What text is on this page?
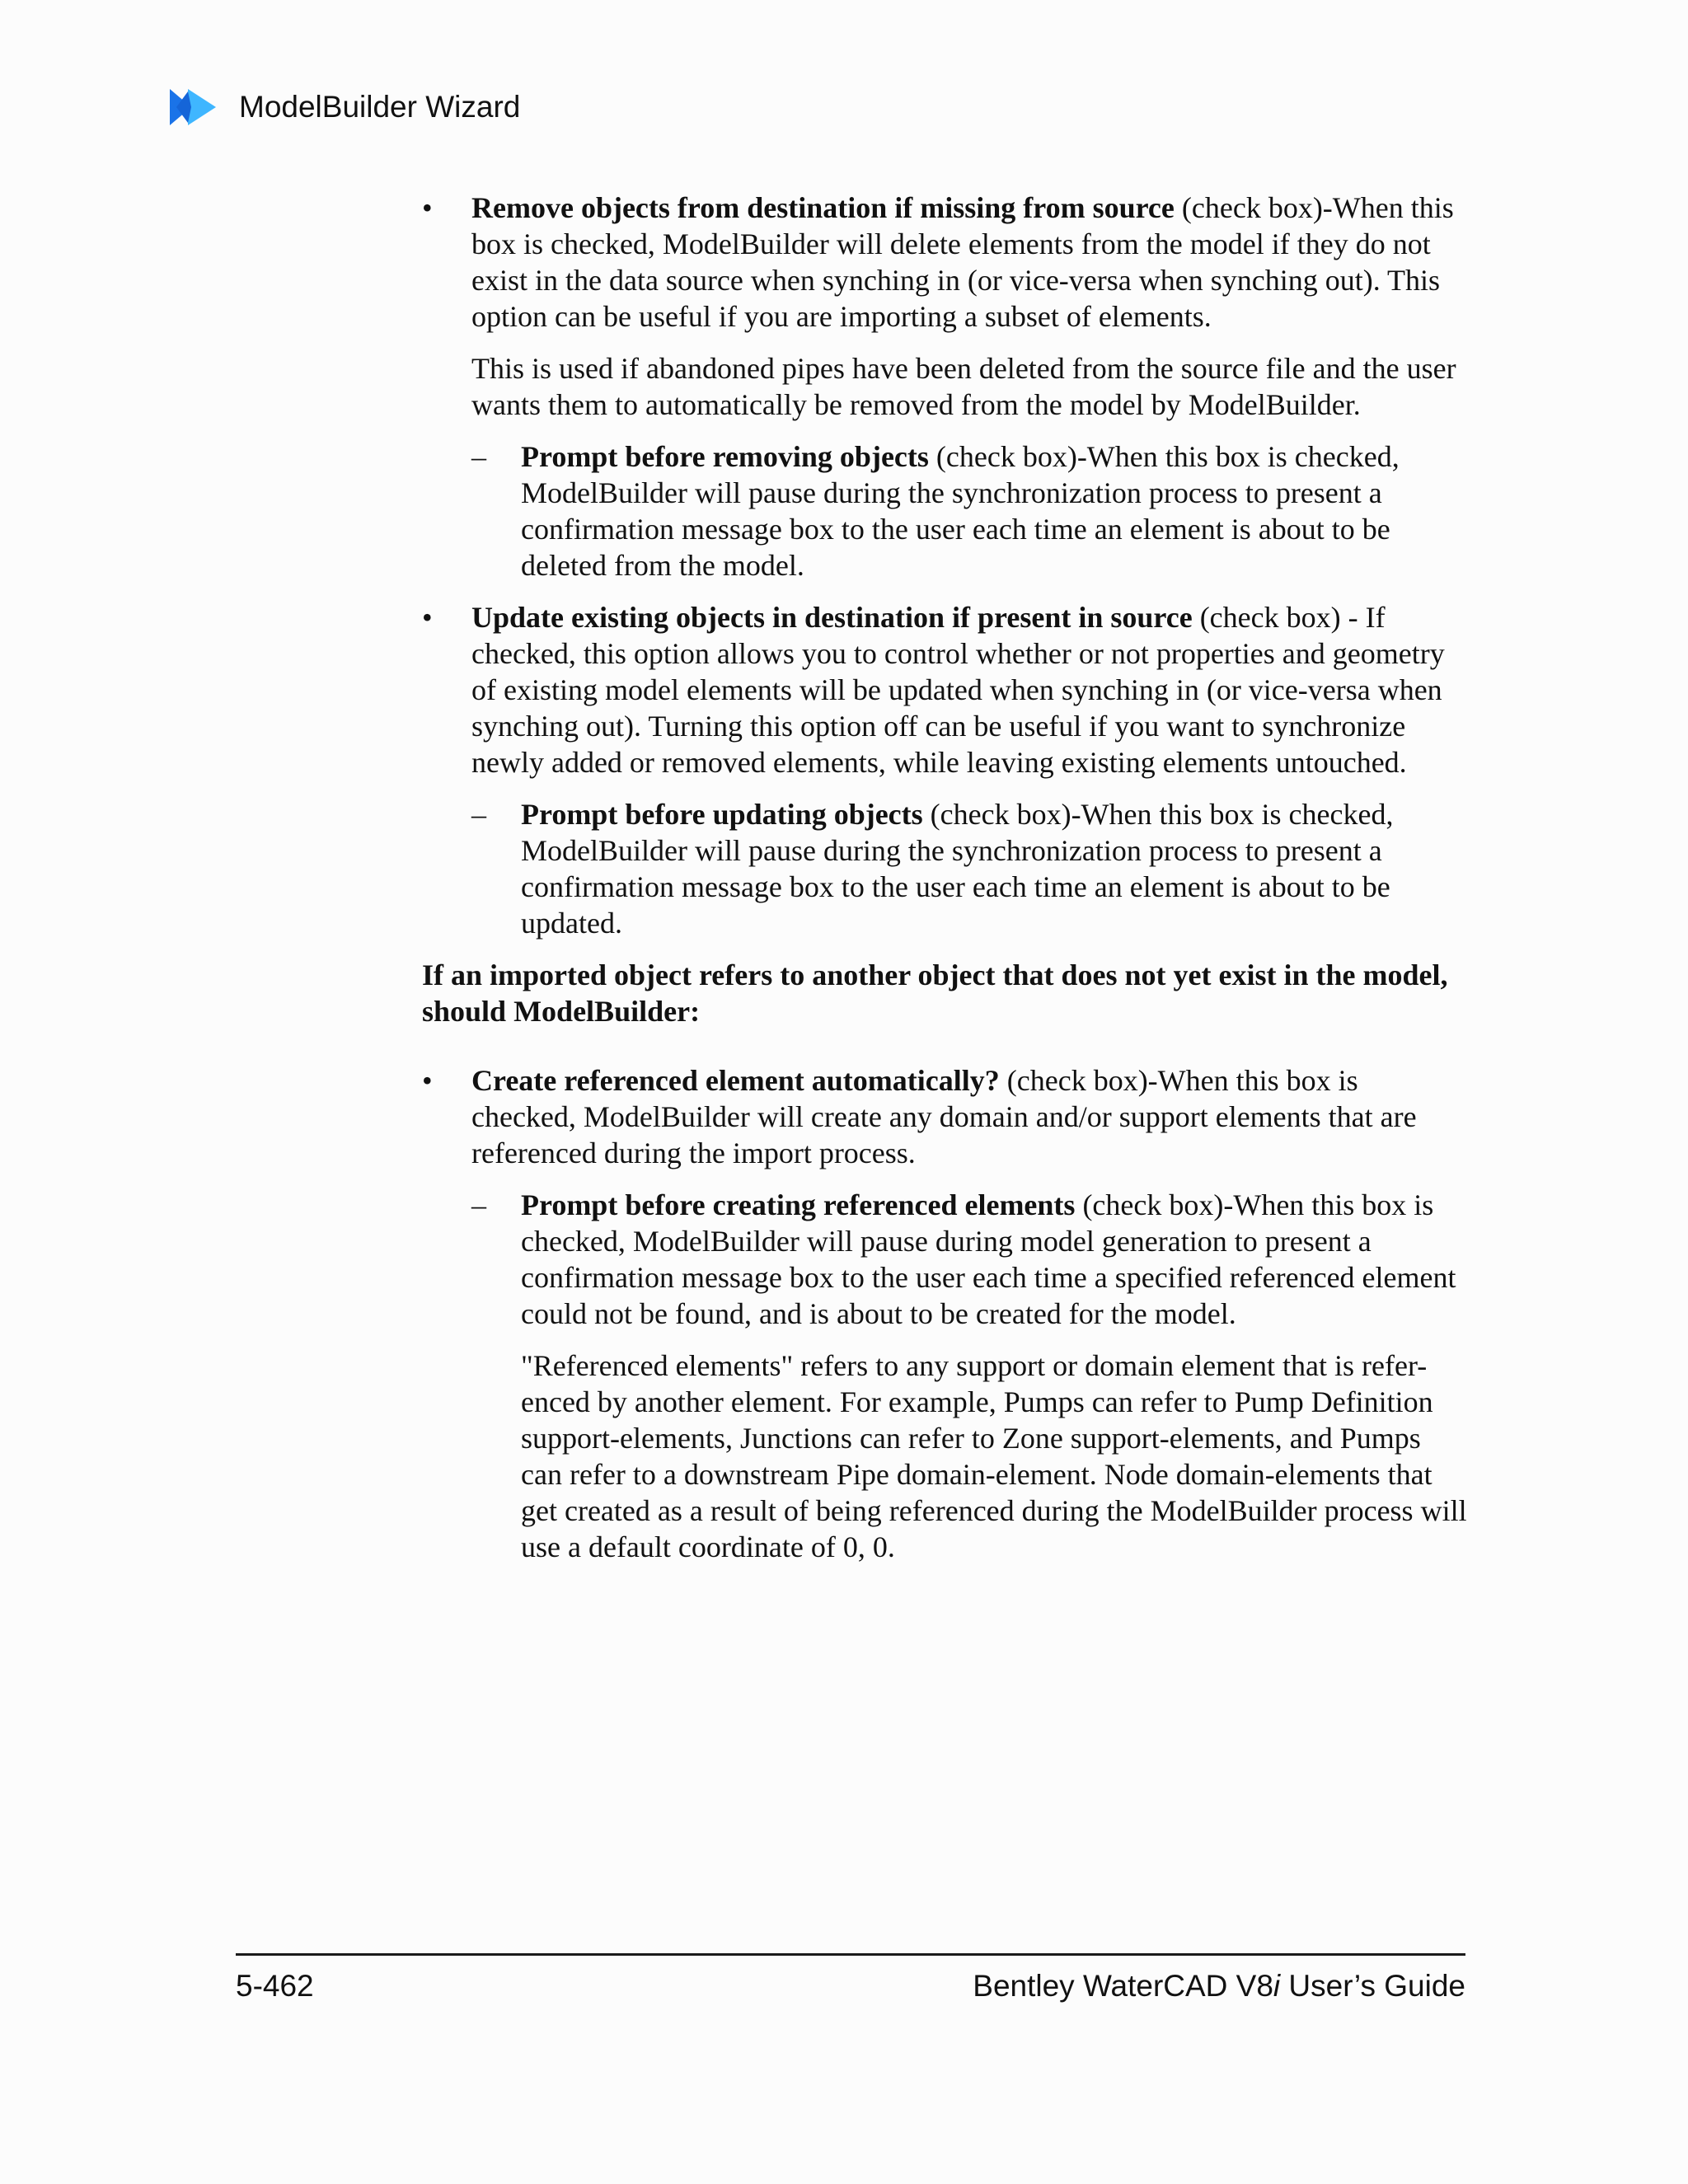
ModelBuilder Wizard
• Remove objects from destination if missing from source (check box)-When this box is checked, ModelBuilder will delete elements from the model if they do not exist in the data source when synching in (or vice-versa when synching out). This option can be useful if you are importing a subset of elements.

This is used if abandoned pipes have been deleted from the source file and the user wants them to automatically be removed from the model by ModelBuilder.

– Prompt before removing objects (check box)-When this box is checked, ModelBuilder will pause during the synchronization process to present a confirmation message box to the user each time an element is about to be deleted from the model.

• Update existing objects in destination if present in source (check box) - If checked, this option allows you to control whether or not properties and geometry of existing model elements will be updated when synching in (or vice-versa when synching out). Turning this option off can be useful if you want to synchronize newly added or removed elements, while leaving existing elements untouched.

– Prompt before updating objects (check box)-When this box is checked, ModelBuilder will pause during the synchronization process to present a confirmation message box to the user each time an element is about to be updated.

If an imported object refers to another object that does not yet exist in the model, should ModelBuilder:

• Create referenced element automatically? (check box)-When this box is checked, ModelBuilder will create any domain and/or support elements that are referenced during the import process.

– Prompt before creating referenced elements (check box)-When this box is checked, ModelBuilder will pause during model generation to present a confirmation message box to the user each time a specified referenced element could not be found, and is about to be created for the model.

"Referenced elements" refers to any support or domain element that is refer-enced by another element. For example, Pumps can refer to Pump Definition support-elements, Junctions can refer to Zone support-elements, and Pumps can refer to a downstream Pipe domain-element. Node domain-elements that get created as a result of being referenced during the ModelBuilder process will use a default coordinate of 0, 0.

5-462	Bentley WaterCAD V8i User’s Guide
